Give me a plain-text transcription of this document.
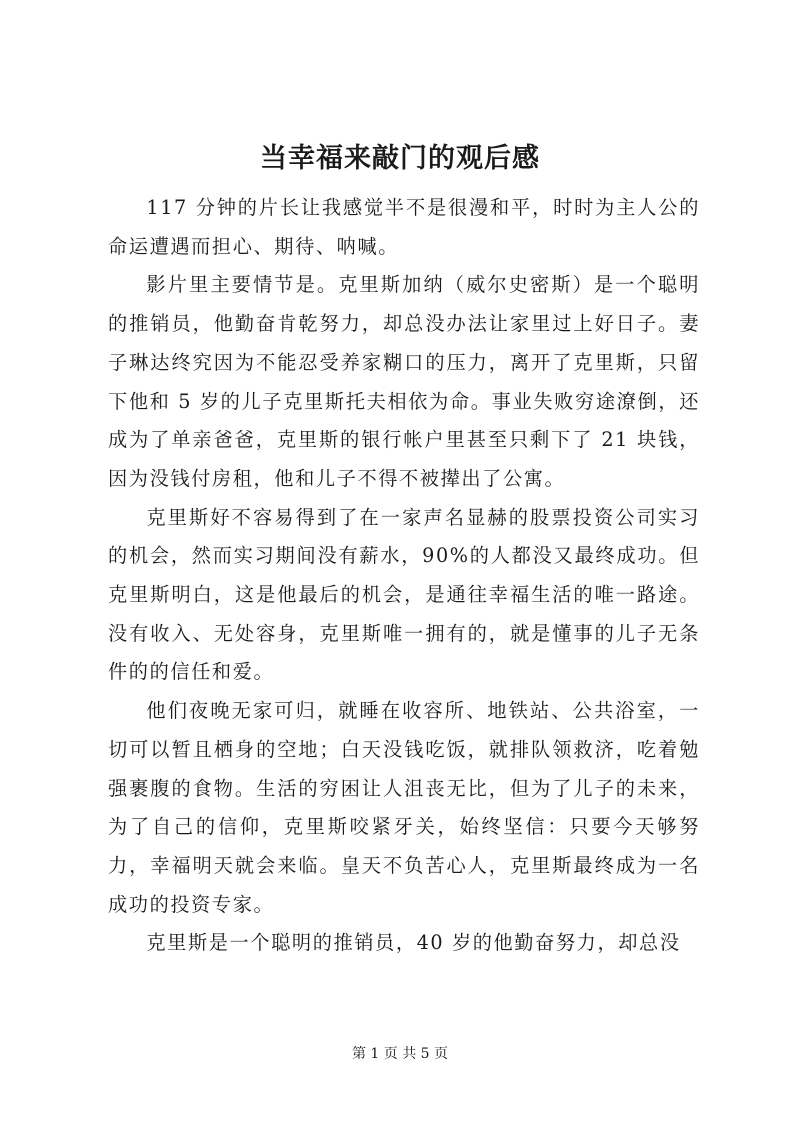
当幸福来敲门的观后感

117 分钟的片长让我感觉半不是很漫和平，时时为主人公的命运遭遇而担心、期待、呐喊。

影片里主要情节是。克里斯加纳（威尔史密斯）是一个聪明的推销员，他勤奋肯乾努力，却总没办法让家里过上好日子。妻子琳达终究因为不能忍受养家糊口的压力，离开了克里斯，只留下他和 5 岁的儿子克里斯托夫相依为命。事业失败穷途潦倒，还成为了单亲爸爸，克里斯的银行帐户里甚至只剩下了 21 块钱，因为没钱付房租，他和儿子不得不被撵出了公寓。

克里斯好不容易得到了在一家声名显赫的股票投资公司实习的机会，然而实习期间没有薪水，90%的人都没又最终成功。但克里斯明白，这是他最后的机会，是通往幸福生活的唯一路途。没有收入、无处容身，克里斯唯一拥有的，就是懂事的儿子无条件的的信任和爱。

他们夜晚无家可归，就睡在收容所、地铁站、公共浴室，一切可以暂且栖身的空地；白天没钱吃饭，就排队领救济，吃着勉强裹腹的食物。生活的穷困让人沮丧无比，但为了儿子的未来，为了自己的信仰，克里斯咬紧牙关，始终坚信：只要今天够努力，幸福明天就会来临。皇天不负苦心人，克里斯最终成为一名成功的投资专家。

克里斯是一个聪明的推销员，40 岁的他勤奋努力，却总没

第 1 页 共 5 页
